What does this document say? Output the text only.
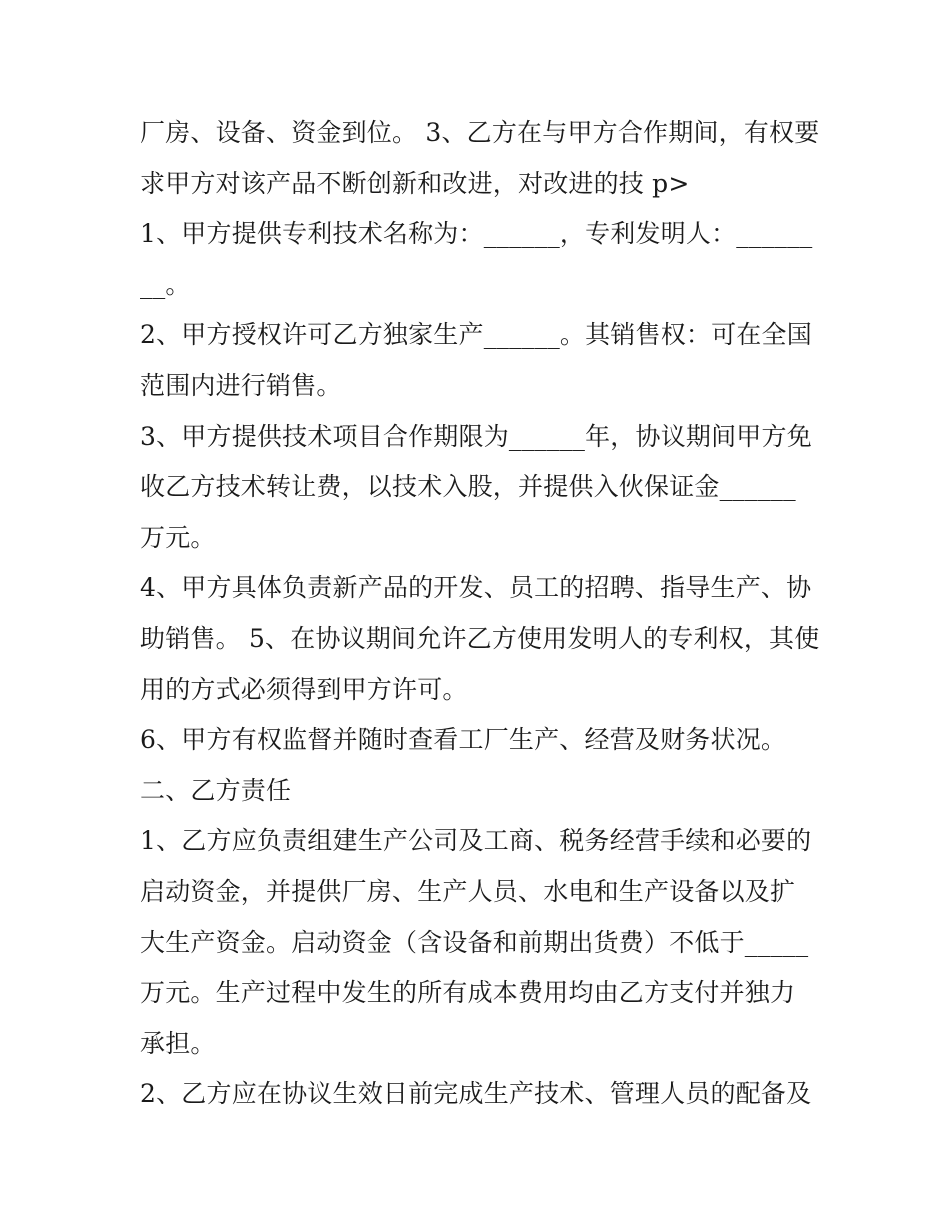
厂房、设备、资金到位。 3、乙方在与甲方合作期间，有权要求甲方对该产品不断创新和改进，对改进的技 p>

1、甲方提供专利技术名称为：______，专利发明人：________。

2、甲方授权许可乙方独家生产______。其销售权：可在全国范围内进行销售。

3、甲方提供技术项目合作期限为______年，协议期间甲方免收乙方技术转让费，以技术入股，并提供入伙保证金______万元。

4、甲方具体负责新产品的开发、员工的招聘、指导生产、协助销售。 5、在协议期间允许乙方使用发明人的专利权，其使用的方式必须得到甲方许可。

6、甲方有权监督并随时查看工厂生产、经营及财务状况。

二、乙方责任

1、乙方应负责组建生产公司及工商、税务经营手续和必要的启动资金，并提供厂房、生产人员、水电和生产设备以及扩大生产资金。启动资金（含设备和前期出货费）不低于_____万元。生产过程中发生的所有成本费用均由乙方支付并独力承担。

2、乙方应在协议生效日前完成生产技术、管理人员的配备及
